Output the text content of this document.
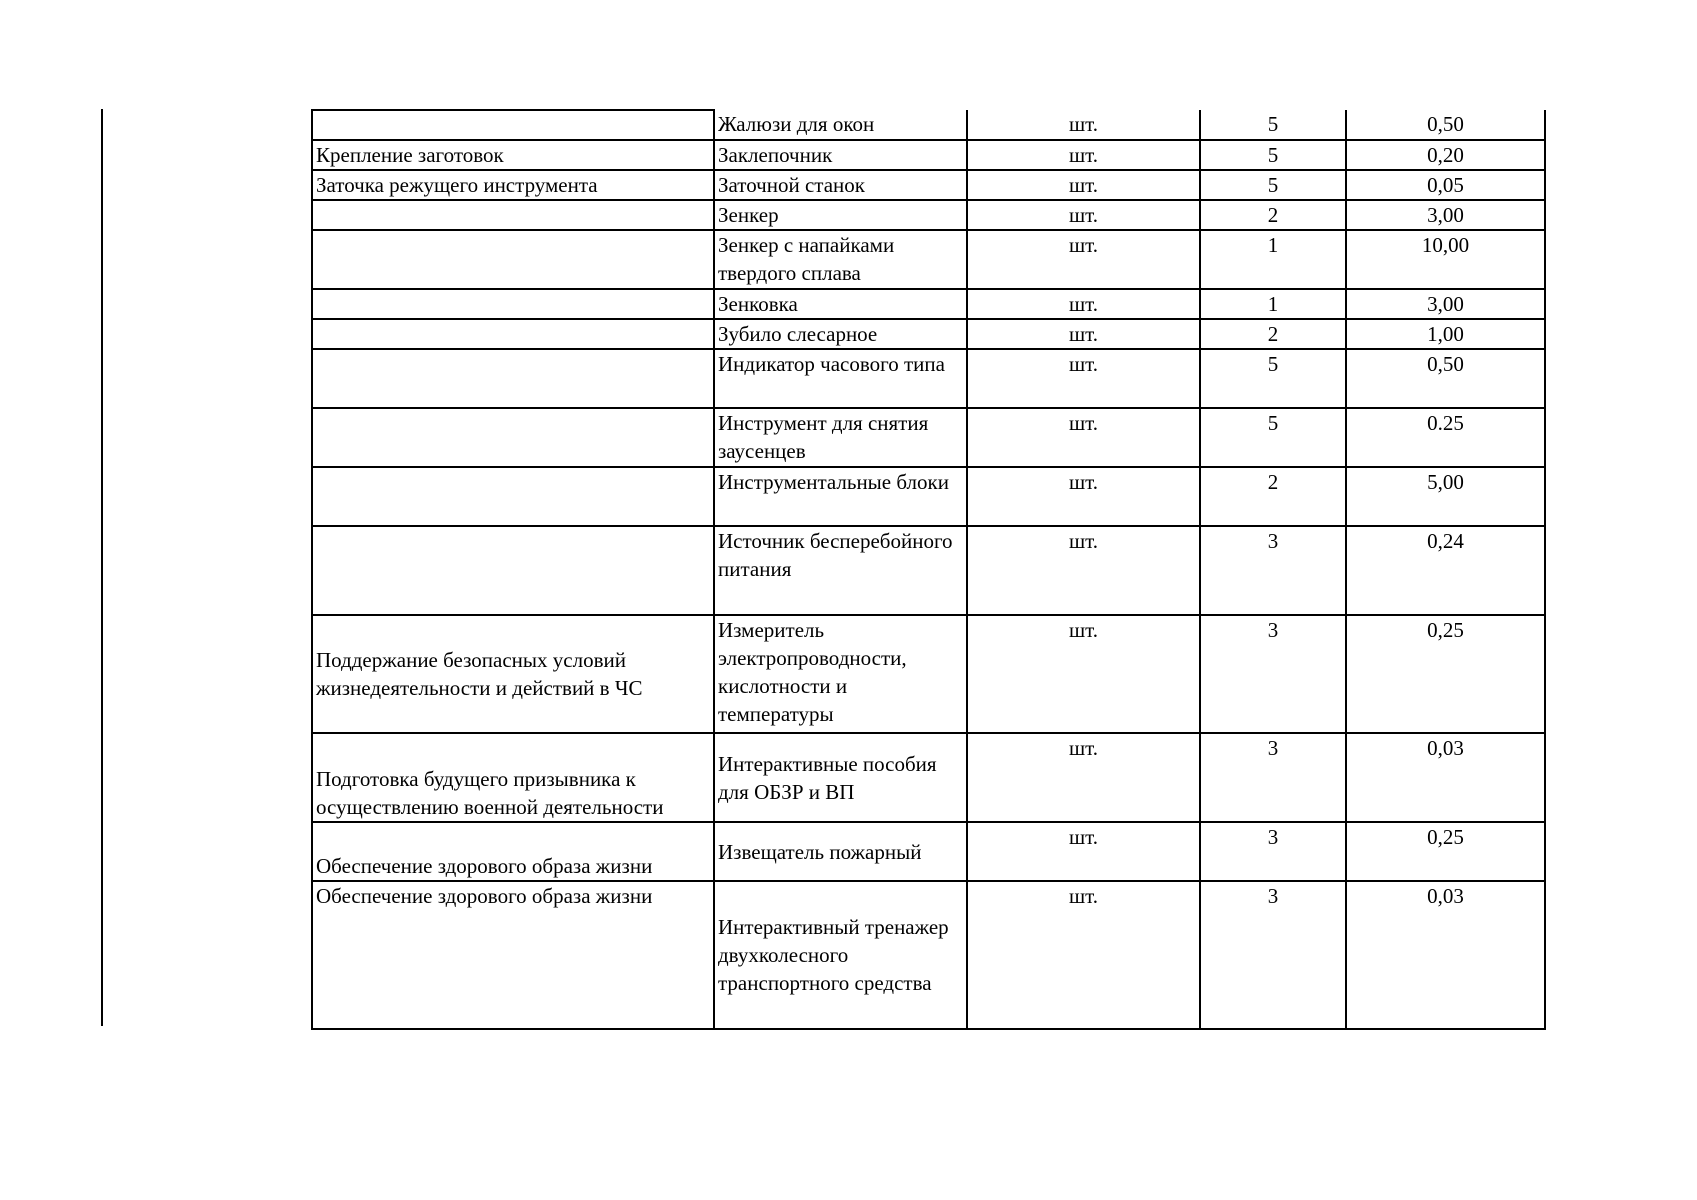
	Жалюзи для окон	шт.	5	0,50
Крепление заготовок	Заклепочник	шт.	5	0,20
Заточка режущего инструмента	Заточной станок	шт.	5	0,05
	Зенкер	шт.	2	3,00
	Зенкер с напайками твердого сплава	шт.	1	10,00
	Зенковка	шт.	1	3,00
	Зубило слесарное	шт.	2	1,00
	Индикатор часового типа	шт.	5	0,50
	Инструмент для снятия заусенцев	шт.	5	0.25
	Инструментальные блоки	шт.	2	5,00
	Источник бесперебойного питания	шт.	3	0,24
Поддержание безопасных условий жизнедеятельности и действий в ЧС	Измеритель электропроводности, кислотности и температуры	шт.	3	0,25
Подготовка будущего призывника к осуществлению военной деятельности	Интерактивные пособия для ОБЗР и ВП	шт.	3	0,03
Обеспечение здорового образа жизни	Извещатель пожарный	шт.	3	0,25
Обеспечение здорового образа жизни	Интерактивный тренажер двухколесного транспортного средства	шт.	3	0,03
